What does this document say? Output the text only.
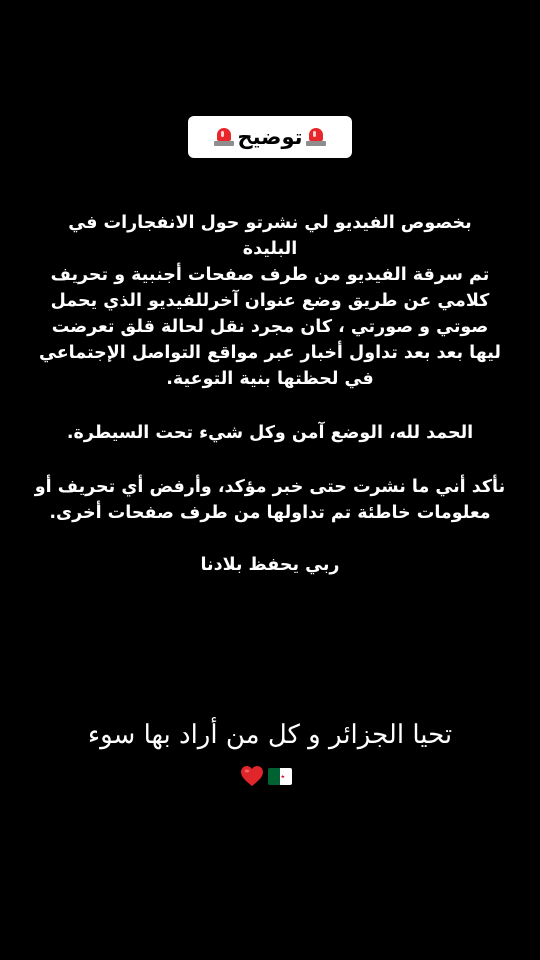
توضيح

بخصوص الفيديو لي نشرتو حول الانفجارات في
البليدة
تم سرقة الفيديو من طرف صفحات أجنبية و تحريف
كلامي عن طريق وضع عنوان آخرللفيديو الذي يحمل
صوتي و صورتي ، كان مجرد نقل لحالة قلق تعرضت
ليها بعد بعد تداول أخبار عبر مواقع التواصل الإجتماعي
في لحظتها بنية التوعية.

الحمد لله، الوضع آمن وكل شيء تحت السيطرة.

نأكد أني ما نشرت حتى خبر مؤكد، وأرفض أي تحريف أو
معلومات خاطئة تم تداولها من طرف صفحات أخرى.

ربي يحفظ بلادنا

تحيا الجزائر و كل من أراد بها سوء
